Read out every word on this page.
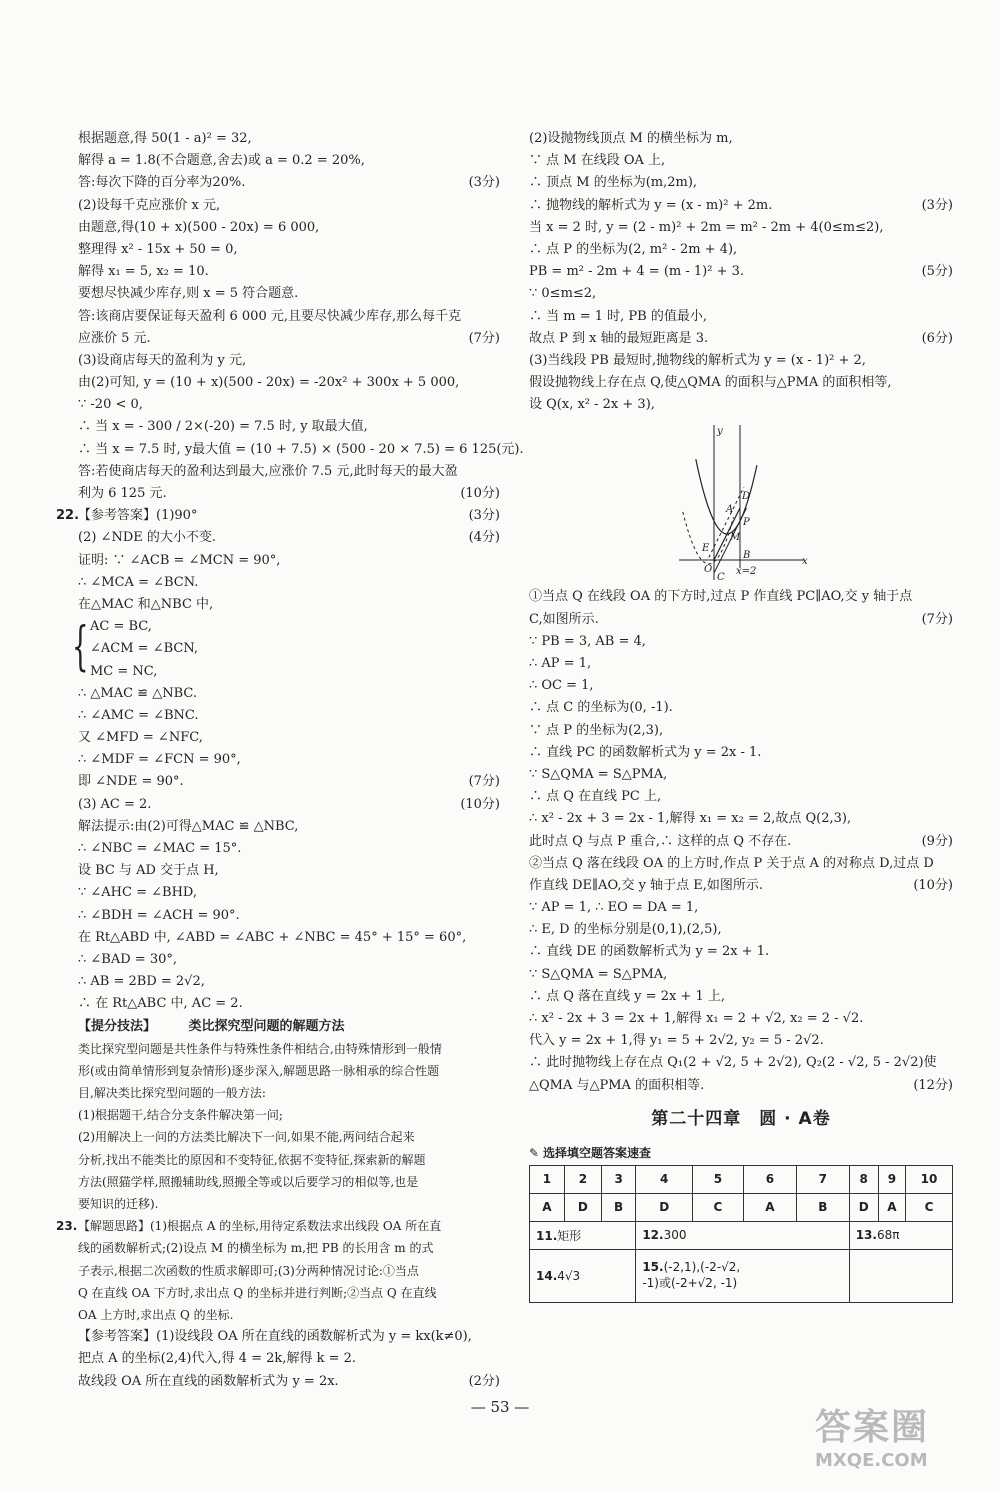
根据题意,得 50(1 - a)² = 32,
解得 a = 1.8(不合题意,舍去)或 a = 0.2 = 20%,
答:每次下降的百分率为20%.	(3分)
(2)设每千克应涨价 x 元,
由题意,得(10 + x)(500 - 20x) = 6 000,
整理得 x² - 15x + 50 = 0,
解得 x₁ = 5, x₂ = 10.
要想尽快减少库存,则 x = 5 符合题意.
答:该商店要保证每天盈利 6 000 元,且要尽快减少库存,那么每千克
应涨价 5 元.	(7分)
(3)设商店每天的盈利为 y 元,
由(2)可知, y = (10 + x)(500 - 20x) = -20x² + 300x + 5 000,
∵ -20 < 0,
∴ 当 x = - 300 / 2×(-20) = 7.5 时, y 取最大值,
∴ 当 x = 7.5 时, y最大值 = (10 + 7.5) × (500 - 20 × 7.5) = 6 125(元).
答:若使商店每天的盈利达到最大,应涨价 7.5 元,此时每天的最大盈
利为 6 125 元.	(10分)
22.
【参考答案】(1)90°	(3分)
(2) ∠NDE 的大小不变.	(4分)
证明: ∵ ∠ACB = ∠MCN = 90°,
∴ ∠MCA = ∠BCN.
在△MAC 和△NBC 中,
{ AC = BC,
∠ACM = ∠BCN,
MC = NC,
∴ △MAC ≌ △NBC.
∴ ∠AMC = ∠BNC.
又 ∠MFD = ∠NFC,
∴ ∠MDF = ∠FCN = 90°,
即 ∠NDE = 90°.	(7分)
(3) AC = 2.	(10分)
解法提示:由(2)可得△MAC ≌ △NBC,
∴ ∠NBC = ∠MAC = 15°.
设 BC 与 AD 交于点 H,
∵ ∠AHC = ∠BHD,
∴ ∠BDH = ∠ACH = 90°.
在 Rt△ABD 中, ∠ABD = ∠ABC + ∠NBC = 45° + 15° = 60°,
∴ ∠BAD = 30°,
∴ AB = 2BD = 2√2,
∴ 在 Rt△ABC 中, AC = 2.
【提分技法】　　　类比探究型问题的解题方法
类比探究型问题是共性条件与特殊性条件相结合,由特殊情形到一般情
形(或由简单情形到复杂情形)逐步深入,解题思路一脉相承的综合性题
目,解决类比探究型问题的一般方法:
(1)根据题干,结合分支条件解决第一问;
(2)用解决上一问的方法类比解决下一问,如果不能,两问结合起来
分析,找出不能类比的原因和不变特征,依据不变特征,探索新的解题
方法(照猫学样,照搬辅助线,照搬全等或以后要学习的相似等,也是
要知识的迁移).
23. 【解题思路】(1)根据点 A 的坐标,用待定系数法求出线段 OA 所在直
线的函数解析式;(2)设点 M 的横坐标为 m,把 PB 的长用含 m 的式
子表示,根据二次函数的性质求解即可;(3)分两种情况讨论:①当点
Q 在直线 OA 下方时,求出点 Q 的坐标并进行判断;②当点 Q 在直线
OA 上方时,求出点 Q 的坐标.
【参考答案】(1)设线段 OA 所在直线的函数解析式为 y = kx(k≠0),
把点 A 的坐标(2,4)代入,得 4 = 2k,解得 k = 2.
故线段 OA 所在直线的函数解析式为 y = 2x.	(2分)
(2)设抛物线顶点 M 的横坐标为 m,
∵ 点 M 在线段 OA 上,
∴ 顶点 M 的坐标为(m,2m),
∴ 抛物线的解析式为 y = (x - m)² + 2m.	(3分)
当 x = 2 时, y = (2 - m)² + 2m = m² - 2m + 4(0≤m≤2),
∴ 点 P 的坐标为(2, m² - 2m + 4),
PB = m² - 2m + 4 = (m - 1)² + 3.	(5分)
∵ 0≤m≤2,
∴ 当 m = 1 时, PB 的值最小,
故点 P 到 x 轴的最短距离是 3.	(6分)
(3)当线段 PB 最短时,抛物线的解析式为 y = (x - 1)² + 2,
假设抛物线上存在点 Q,使△QMA 的面积与△PMA 的面积相等,
设 Q(x, x² - 2x + 3),
y
D
A
P
M
E
B
O
x
C
x=2
①当点 Q 在线段 OA 的下方时,过点 P 作直线 PC∥AO,交 y 轴于点
C,如图所示.	(7分)
∵ PB = 3, AB = 4,
∴ AP = 1,
∴ OC = 1,
∴ 点 C 的坐标为(0, -1).
∵ 点 P 的坐标为(2,3),
∴ 直线 PC 的函数解析式为 y = 2x - 1.
∵ S△QMA = S△PMA,
∴ 点 Q 在直线 PC 上,
∴ x² - 2x + 3 = 2x - 1,解得 x₁ = x₂ = 2,故点 Q(2,3),
此时点 Q 与点 P 重合,∴ 这样的点 Q 不存在.	(9分)
②当点 Q 落在线段 OA 的上方时,作点 P 关于点 A 的对称点 D,过点 D
作直线 DE∥AO,交 y 轴于点 E,如图所示.	(10分)
∵ AP = 1, ∴ EO = DA = 1,
∴ E, D 的坐标分别是(0,1),(2,5),
∴ 直线 DE 的函数解析式为 y = 2x + 1.
∵ S△QMA = S△PMA,
∴ 点 Q 落在直线 y = 2x + 1 上,
∴ x² - 2x + 3 = 2x + 1,解得 x₁ = 2 + √2, x₂ = 2 - √2.
代入 y = 2x + 1,得 y₁ = 5 + 2√2, y₂ = 5 - 2√2.
∴ 此时抛物线上存在点 Q₁(2 + √2, 5 + 2√2), Q₂(2 - √2, 5 - 2√2)使
△QMA 与△PMA 的面积相等.	(12分)
第二十四章　圆 · A卷
✎ 选择填空题答案速查
1	2	3	4	5	6	7	8	9	10
A	D	B	D	C	A	B	D	A	C
11.矩形			12.300				13.68π		
14.4√3			15.(-2,1),(-2-√2,
-1)或(-2+√2, -1)						

— 53 —	答案圈
MXQE.COM
